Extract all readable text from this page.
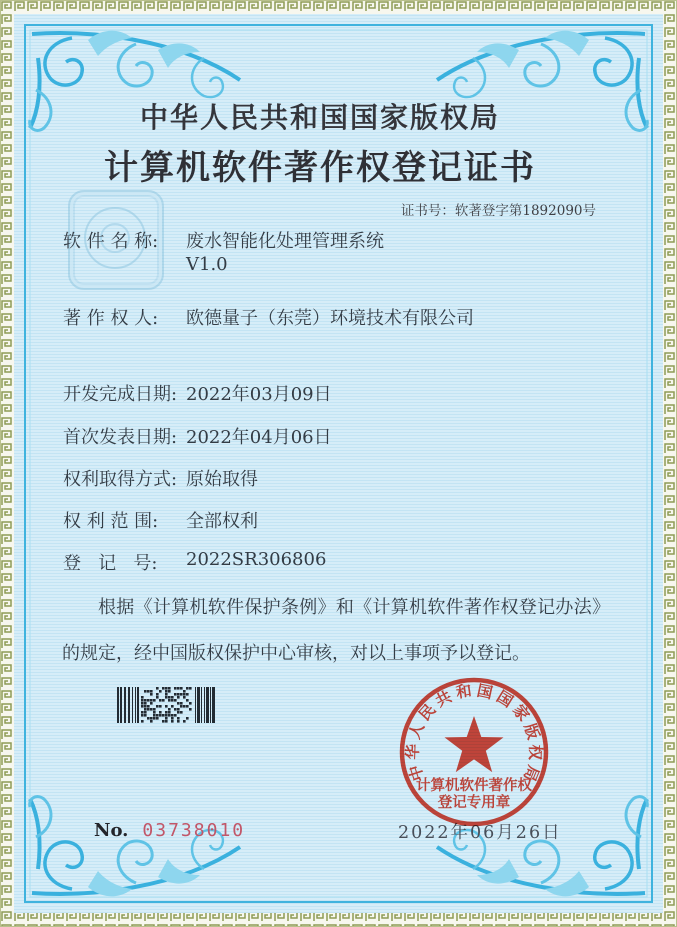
中华人民共和国国家版权局
计算机软件著作权登记证书
证书号：软著登字第1892090号
软 件 名 称:	废水智能化处理管理系统
V1.0
著 作 权 人:	欧德量子（东莞）环境技术有限公司
开发完成日期: 2022年03月09日
首次发表日期: 2022年04月06日
权利取得方式: 原始取得
权 利 范 围:	全部权利
登   记   号:	2022SR306806
根据《计算机软件保护条例》和《计算机软件著作权登记办法》的规定，经中国版权保护中心审核，对以上事项予以登记。
No. 03738010	2022年06月26日
中华人民共和国国家版权局
计算机软件著作权
登记专用章
